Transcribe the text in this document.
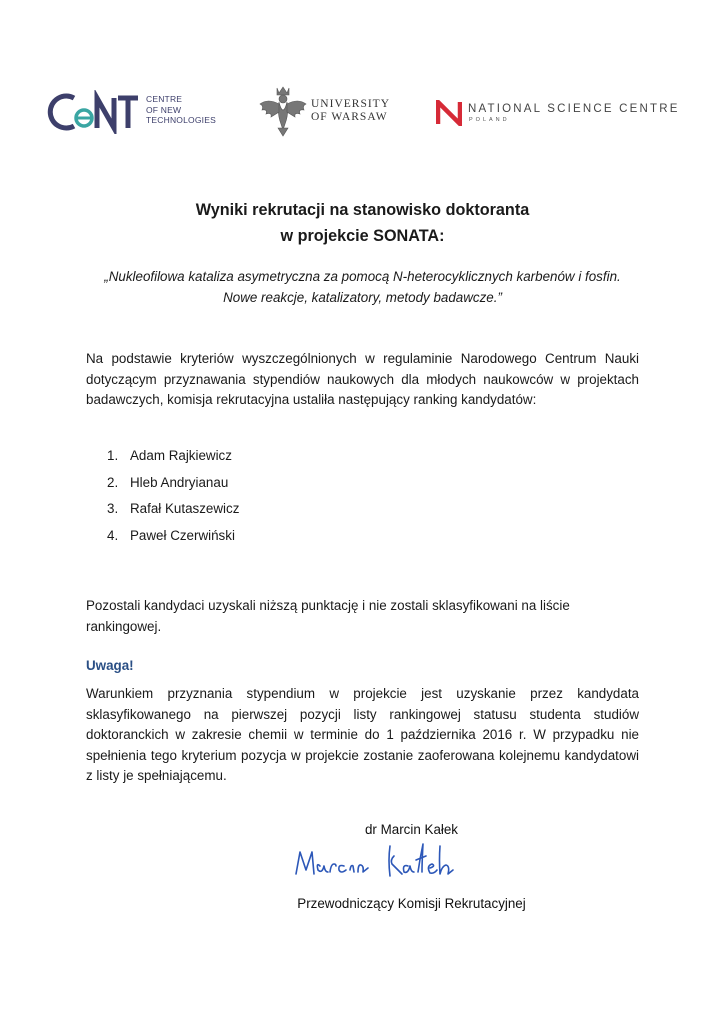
CENTRE
OF NEW
TECHNOLOGIES
UNIVERSITY
OF WARSAW
NATIONAL SCIENCE CENTRE
POLAND
Wyniki rekrutacji na stanowisko doktoranta
w projekcie SONATA:
„Nukleofilowa kataliza asymetryczna za pomocą N-heterocyklicznych karbenów i fosfin.
Nowe reakcje, katalizatory, metody badawcze.”
Na podstawie kryteriów wyszczególnionych w regulaminie Narodowego Centrum Nauki dotyczącym przyznawania stypendiów naukowych dla młodych naukowców w projektach badawczych, komisja rekrutacyjna ustaliła następujący ranking kandydatów:
1. Adam Rajkiewicz
2. Hleb Andryianau
3. Rafał Kutaszewicz
4. Paweł Czerwiński
Pozostali kandydaci uzyskali niższą punktację i nie zostali sklasyfikowani na liście rankingowej.
Uwaga!
Warunkiem przyznania stypendium w projekcie jest uzyskanie przez kandydata sklasyfikowanego na pierwszej pozycji listy rankingowej statusu studenta studiów doktoranckich w zakresie chemii w terminie do 1 października 2016 r. W przypadku nie spełnienia tego kryterium pozycja w projekcie zostanie zaoferowana kolejnemu kandydatowi z listy je spełniającemu.
dr Marcin Kałek
Przewodniczący Komisji Rekrutacyjnej
